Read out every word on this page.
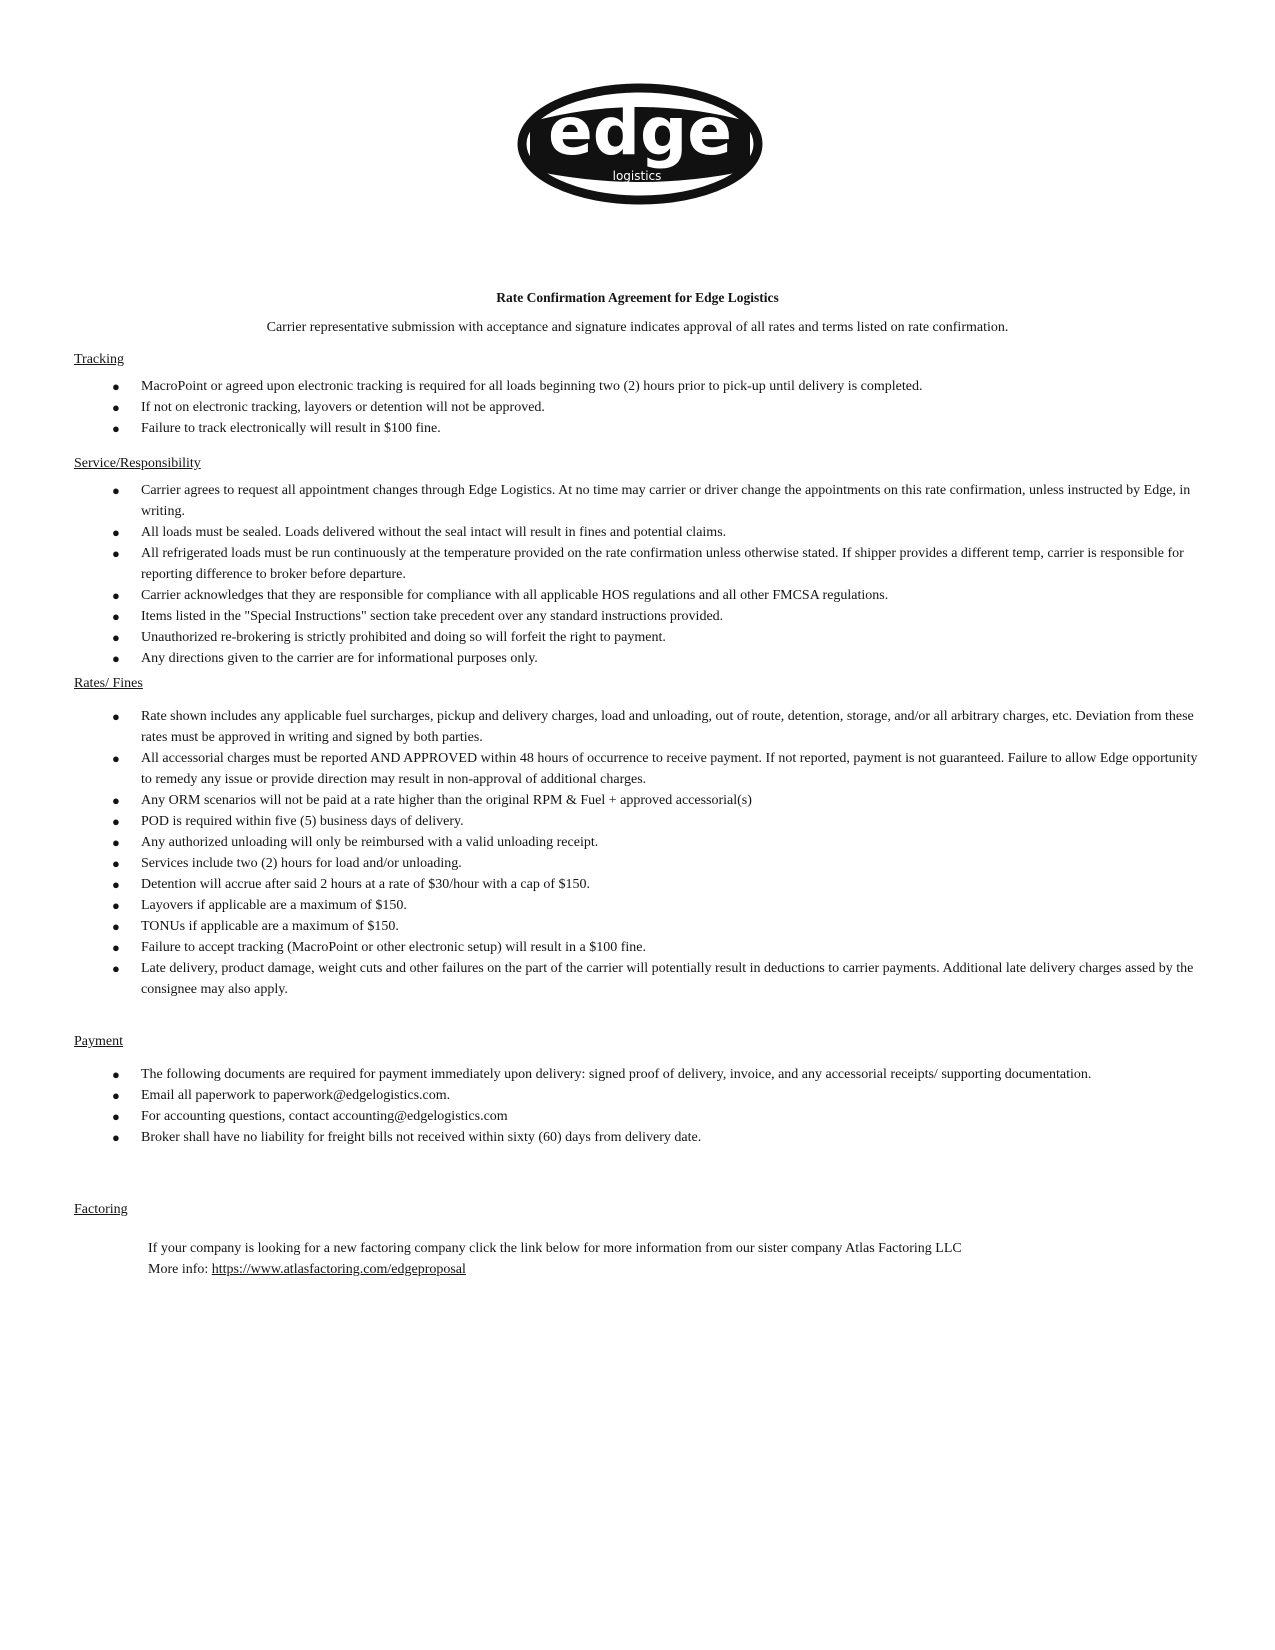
edge
logistics
Rate Confirmation Agreement for Edge Logistics
Carrier representative submission with acceptance and signature indicates approval of all rates and terms listed on rate confirmation.
Tracking
● MacroPoint or agreed upon electronic tracking is required for all loads beginning two (2) hours prior to pick-up until delivery is completed.
● If not on electronic tracking, layovers or detention will not be approved.
● Failure to track electronically will result in $100 fine.
Service/Responsibility
● Carrier agrees to request all appointment changes through Edge Logistics. At no time may carrier or driver change the appointments on this rate confirmation, unless instructed by Edge, in writing.
● All loads must be sealed. Loads delivered without the seal intact will result in fines and potential claims.
● All refrigerated loads must be run continuously at the temperature provided on the rate confirmation unless otherwise stated. If shipper provides a different temp, carrier is responsible for reporting difference to broker before departure.
● Carrier acknowledges that they are responsible for compliance with all applicable HOS regulations and all other FMCSA regulations.
● Items listed in the "Special Instructions" section take precedent over any standard instructions provided.
● Unauthorized re-brokering is strictly prohibited and doing so will forfeit the right to payment.
● Any directions given to the carrier are for informational purposes only.
Rates/ Fines
● Rate shown includes any applicable fuel surcharges, pickup and delivery charges, load and unloading, out of route, detention, storage, and/or all arbitrary charges, etc. Deviation from these rates must be approved in writing and signed by both parties.
● All accessorial charges must be reported AND APPROVED within 48 hours of occurrence to receive payment. If not reported, payment is not guaranteed. Failure to allow Edge opportunity to remedy any issue or provide direction may result in non-approval of additional charges.
● Any ORM scenarios will not be paid at a rate higher than the original RPM & Fuel + approved accessorial(s)
● POD is required within five (5) business days of delivery.
● Any authorized unloading will only be reimbursed with a valid unloading receipt.
● Services include two (2) hours for load and/or unloading.
● Detention will accrue after said 2 hours at a rate of $30/hour with a cap of $150.
● Layovers if applicable are a maximum of $150.
● TONUs if applicable are a maximum of $150.
● Failure to accept tracking (MacroPoint or other electronic setup) will result in a $100 fine.
● Late delivery, product damage, weight cuts and other failures on the part of the carrier will potentially result in deductions to carrier payments. Additional late delivery charges assed by the consignee may also apply.
Payment
● The following documents are required for payment immediately upon delivery: signed proof of delivery, invoice, and any accessorial receipts/ supporting documentation.
● Email all paperwork to paperwork@edgelogistics.com.
● For accounting questions, contact accounting@edgelogistics.com
● Broker shall have no liability for freight bills not received within sixty (60) days from delivery date.
Factoring
If your company is looking for a new factoring company click the link below for more information from our sister company Atlas Factoring LLC
More info: https://www.atlasfactoring.com/edgeproposal
